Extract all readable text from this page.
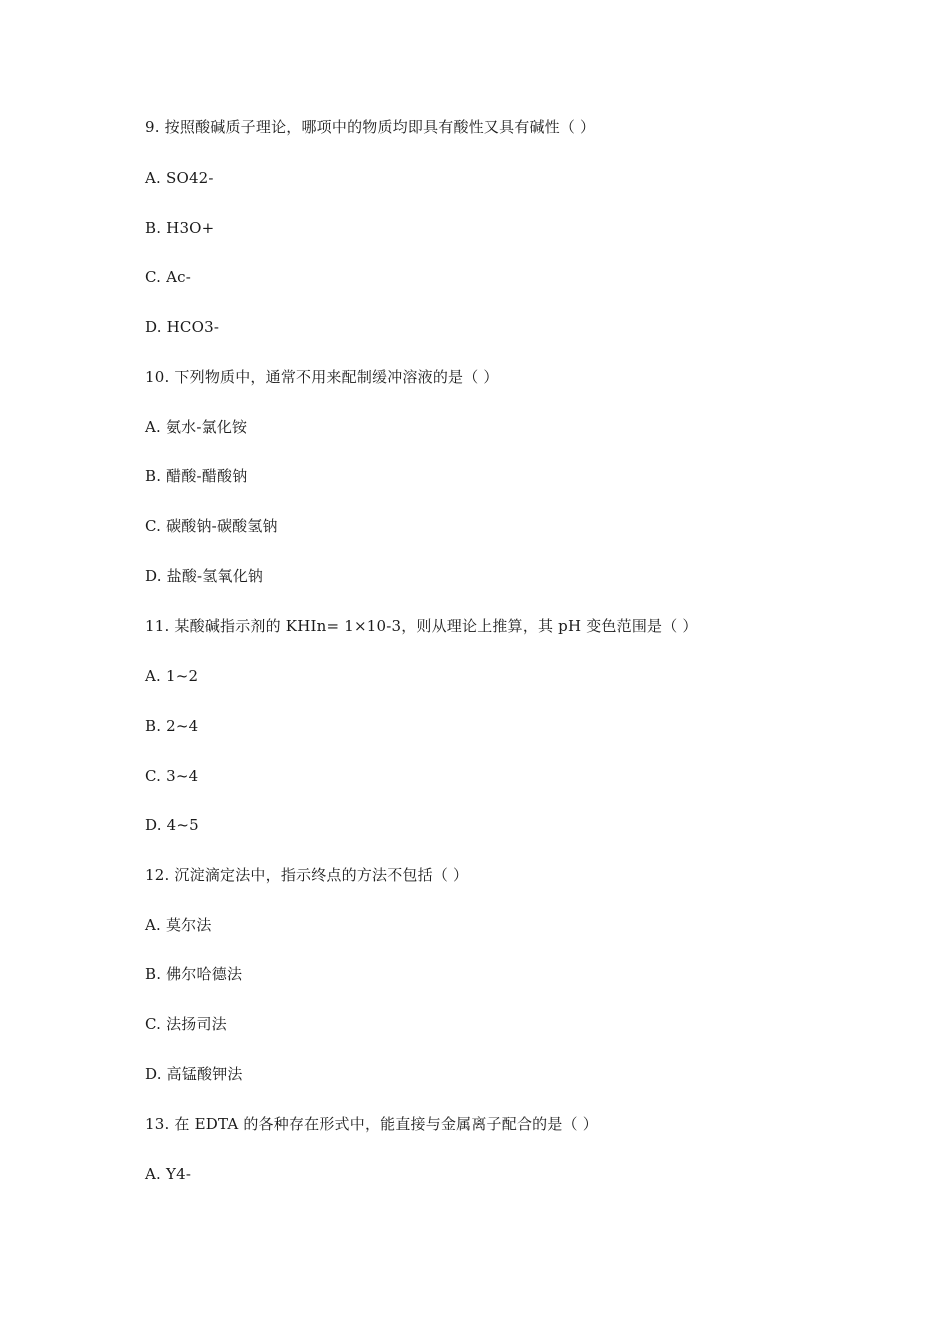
9. 按照酸碱质子理论，哪项中的物质均即具有酸性又具有碱性（ ）
A. SO42-
B. H3O+
C. Ac-
D. HCO3-
10. 下列物质中，通常不用来配制缓冲溶液的是（ ）
A. 氨水-氯化铵
B. 醋酸-醋酸钠
C. 碳酸钠-碳酸氢钠
D. 盐酸-氢氧化钠
11. 某酸碱指示剂的 KHIn= 1×10-3，则从理论上推算，其 pH 变色范围是（ ）
A. 1~2
B. 2~4
C. 3~4
D. 4~5
12. 沉淀滴定法中，指示终点的方法不包括（ ）
A. 莫尔法
B. 佛尔哈德法
C. 法扬司法
D. 高锰酸钾法
13. 在 EDTA 的各种存在形式中，能直接与金属离子配合的是（ ）
A. Y4-
